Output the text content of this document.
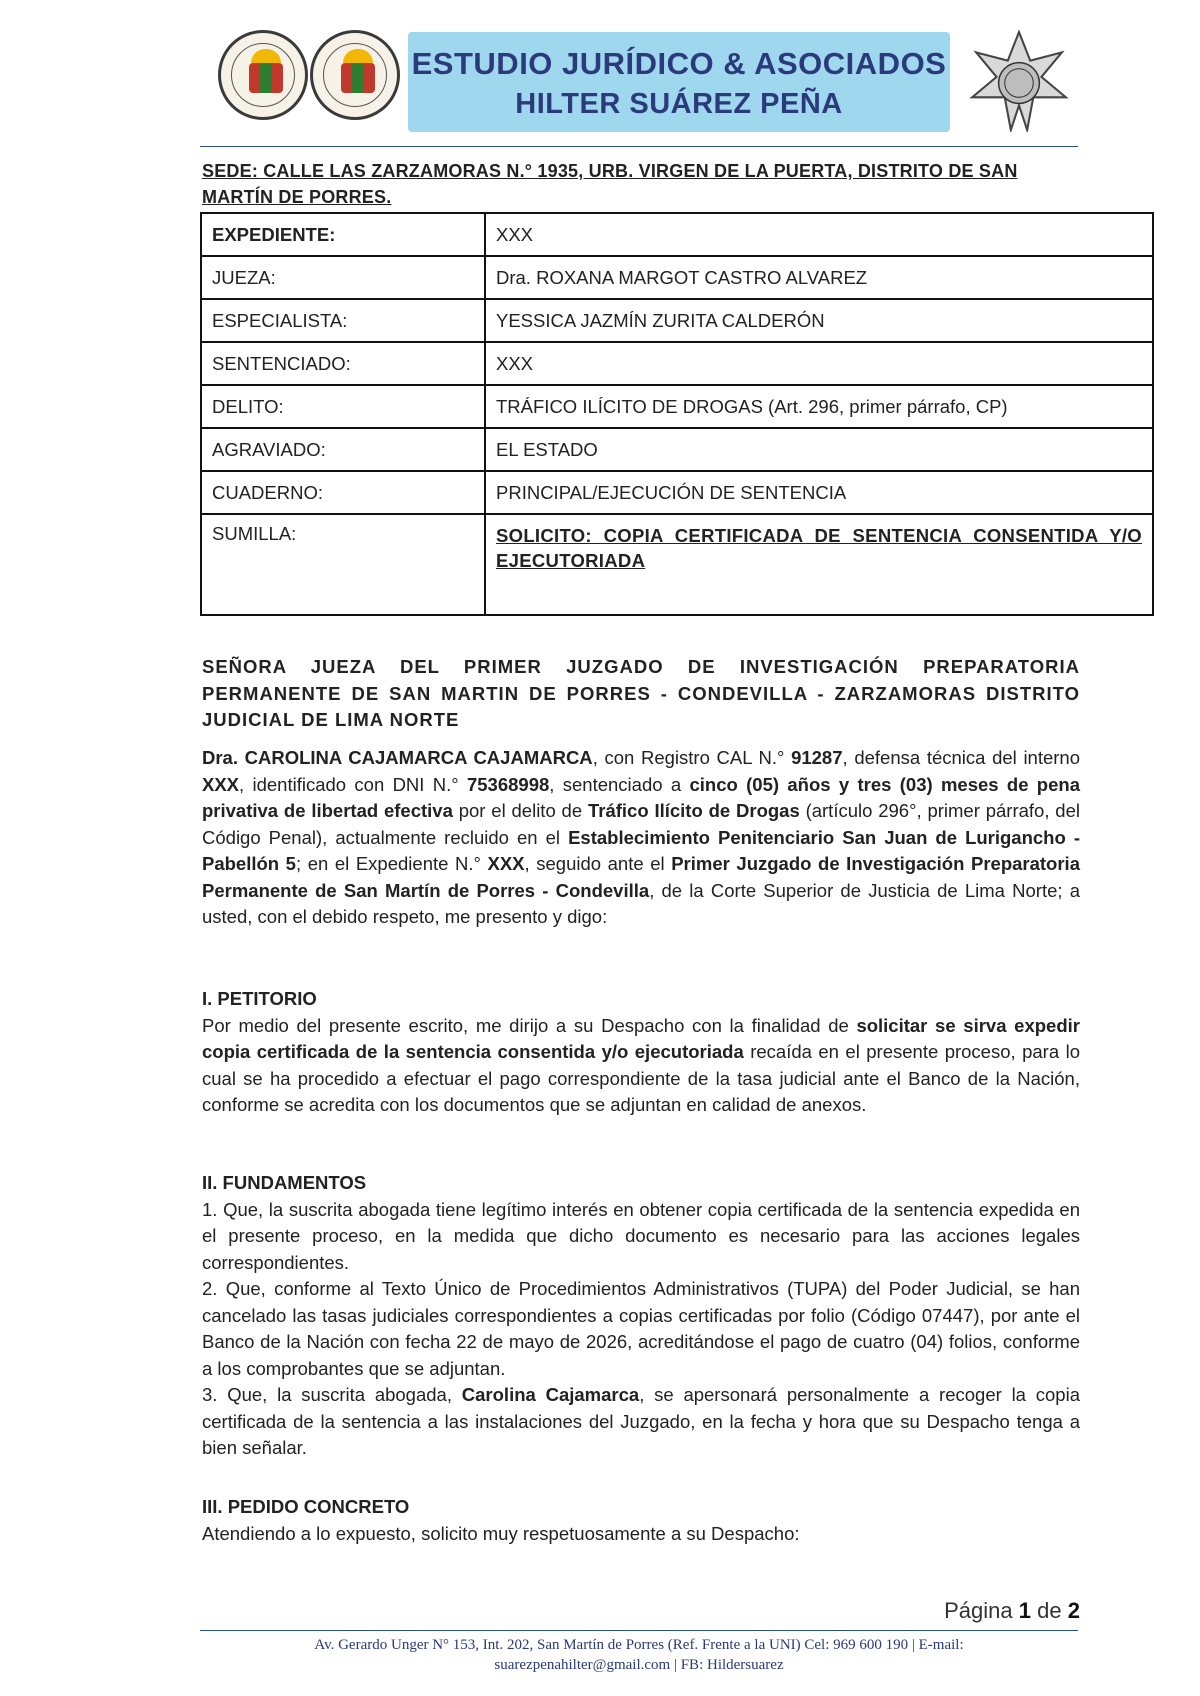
ESTUDIO JURÍDICO & ASOCIADOS
HILTER SUÁREZ PEÑA
SEDE: CALLE LAS ZARZAMORAS N.° 1935, URB. VIRGEN DE LA PUERTA, DISTRITO DE SAN MARTÍN DE PORRES.
EXPEDIENTE:	XXX
JUEZA:	Dra. ROXANA MARGOT CASTRO ALVAREZ
ESPECIALISTA:	YESSICA JAZMÍN ZURITA CALDERÓN
SENTENCIADO:	XXX
DELITO:	TRÁFICO ILÍCITO DE DROGAS (Art. 296, primer párrafo, CP)
AGRAVIADO:	EL ESTADO
CUADERNO:	PRINCIPAL/EJECUCIÓN DE SENTENCIA
SUMILLA:	SOLICITO: COPIA CERTIFICADA DE SENTENCIA CONSENTIDA Y/O EJECUTORIADA
SEÑORA JUEZA DEL PRIMER JUZGADO DE INVESTIGACIÓN PREPARATORIA PERMANENTE DE SAN MARTIN DE PORRES - CONDEVILLA - ZARZAMORAS DISTRITO JUDICIAL DE LIMA NORTE
Dra. CAROLINA CAJAMARCA CAJAMARCA, con Registro CAL N.° 91287, defensa técnica del interno XXX, identificado con DNI N.° 75368998, sentenciado a cinco (05) años y tres (03) meses de pena privativa de libertad efectiva por el delito de Tráfico Ilícito de Drogas (artículo 296°, primer párrafo, del Código Penal), actualmente recluido en el Establecimiento Penitenciario San Juan de Lurigancho - Pabellón 5; en el Expediente N.° XXX, seguido ante el Primer Juzgado de Investigación Preparatoria Permanente de San Martín de Porres - Condevilla, de la Corte Superior de Justicia de Lima Norte; a usted, con el debido respeto, me presento y digo:
I. PETITORIO

Por medio del presente escrito, me dirijo a su Despacho con la finalidad de solicitar se sirva expedir copia certificada de la sentencia consentida y/o ejecutoriada recaída en el presente proceso, para lo cual se ha procedido a efectuar el pago correspondiente de la tasa judicial ante el Banco de la Nación, conforme se acredita con los documentos que se adjuntan en calidad de anexos.

II. FUNDAMENTOS

1. Que, la suscrita abogada tiene legítimo interés en obtener copia certificada de la sentencia expedida en el presente proceso, en la medida que dicho documento es necesario para las acciones legales correspondientes.

2. Que, conforme al Texto Único de Procedimientos Administrativos (TUPA) del Poder Judicial, se han cancelado las tasas judiciales correspondientes a copias certificadas por folio (Código 07447), por ante el Banco de la Nación con fecha 22 de mayo de 2026, acreditándose el pago de cuatro (04) folios, conforme a los comprobantes que se adjuntan.

3. Que, la suscrita abogada, Carolina Cajamarca, se apersonará personalmente a recoger la copia certificada de la sentencia a las instalaciones del Juzgado, en la fecha y hora que su Despacho tenga a bien señalar.

III. PEDIDO CONCRETO

Atendiendo a lo expuesto, solicito muy respetuosamente a su Despacho:

Página 1 de 2
Av. Gerardo Unger N° 153, Int. 202, San Martín de Porres (Ref. Frente a la UNI) Cel: 969 600 190 | E-mail:
suarezpenahilter@gmail.com | FB: Hildersuarez
